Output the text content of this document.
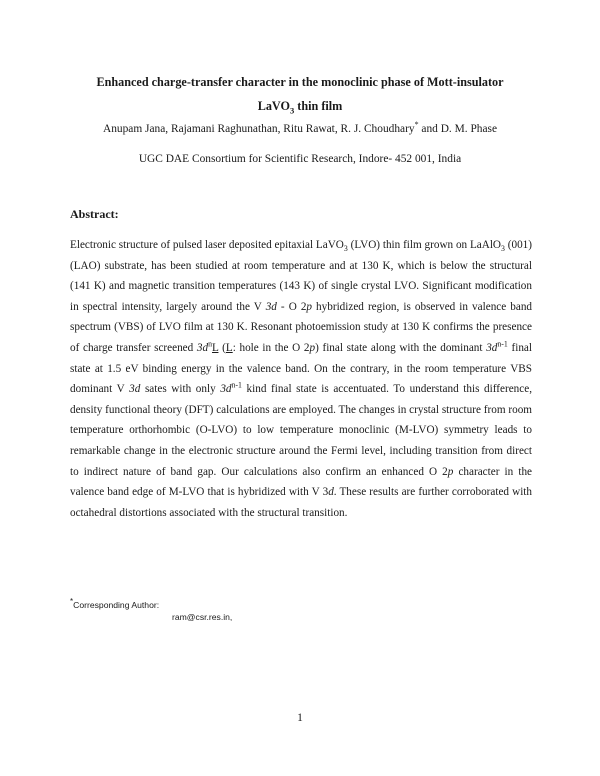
Enhanced charge-transfer character in the monoclinic phase of Mott-insulator
LaVO$_3$ thin film
Anupam Jana, Rajamani Raghunathan, Ritu Rawat, R. J. Choudhary* and D. M. Phase
UGC DAE Consortium for Scientific Research, Indore- 452 001, India
Abstract:
Electronic structure of pulsed laser deposited epitaxial LaVO$_3$ (LVO) thin film grown on LaAlO$_3$ (001) (LAO) substrate, has been studied at room temperature and at 130 K, which is below the structural (141 K) and magnetic transition temperatures (143 K) of single crystal LVO. Significant modification in spectral intensity, largely around the V 3d - O 2p hybridized region, is observed in valence band spectrum (VBS) of LVO film at 130 K. Resonant photoemission study at 130 K confirms the presence of charge transfer screened $3d^nL$ (L: hole in the O 2p) final state along with the dominant $3d^{n-1}$ final state at 1.5 eV binding energy in the valence band. On the contrary, in the room temperature VBS dominant V 3d sates with only $3d^{n-1}$ kind final state is accentuated. To understand this difference, density functional theory (DFT) calculations are employed. The changes in crystal structure from room temperature orthorhombic (O-LVO) to low temperature monoclinic (M-LVO) symmetry leads to remarkable change in the electronic structure around the Fermi level, including transition from direct to indirect nature of band gap. Our calculations also confirm an enhanced O 2p character in the valence band edge of M-LVO that is hybridized with V 3d. These results are further corroborated with octahedral distortions associated with the structural transition.
*Corresponding Author:
ram@csr.res.in,
1
